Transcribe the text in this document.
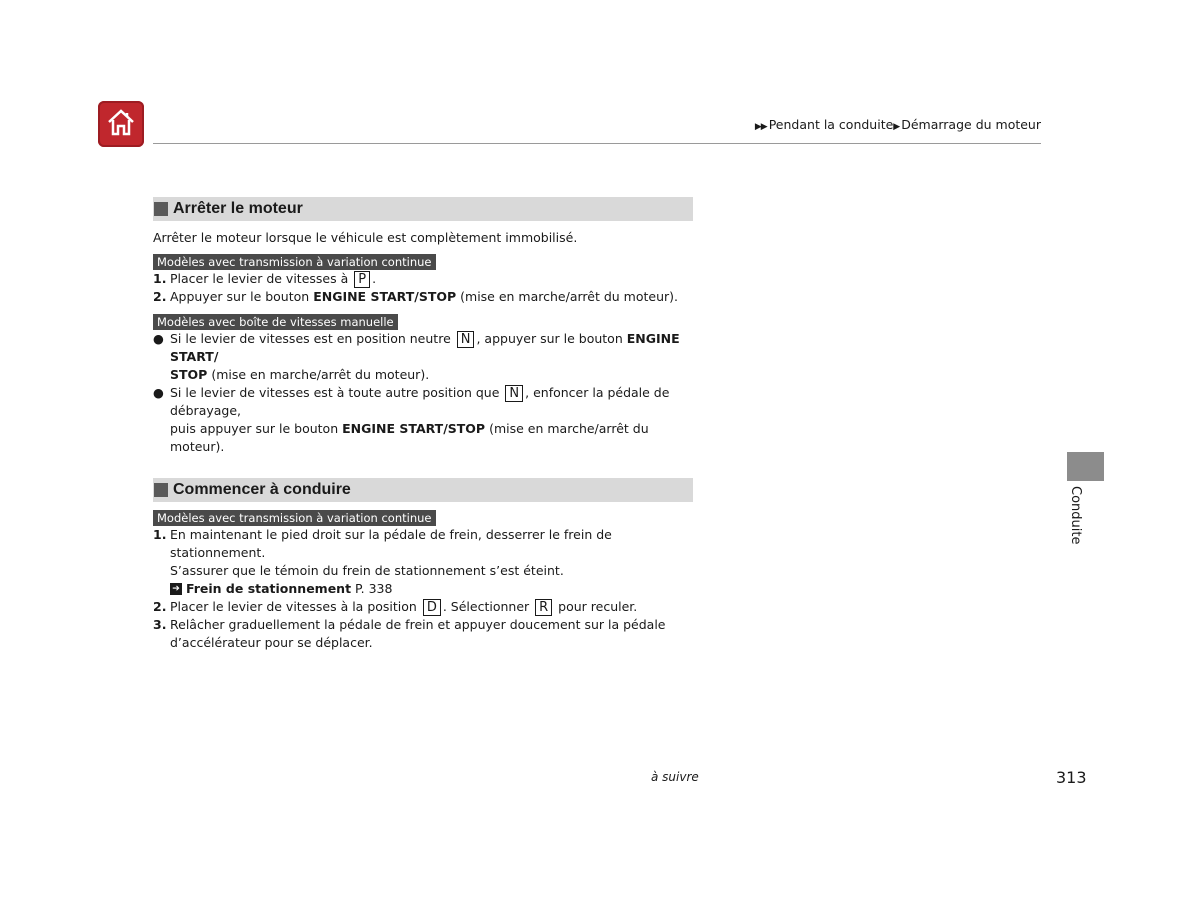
▶▶ Pendant la conduite▶ Démarrage du moteur
Arrêter le moteur

Arrêter le moteur lorsque le véhicule est complètement immobilisé.

Modèles avec transmission à variation continue
1. Placer le levier de vitesses à P .
2. Appuyer sur le bouton ENGINE START/STOP (mise en marche/arrêt du moteur).
Modèles avec boîte de vitesses manuelle
● Si le levier de vitesses est en position neutre N , appuyer sur le bouton ENGINE START/
STOP (mise en marche/arrêt du moteur).
● Si le levier de vitesses est à toute autre position que N , enfoncer la pédale de débrayage,
puis appuyer sur le bouton ENGINE START/STOP (mise en marche/arrêt du moteur).
Commencer à conduire
Modèles avec transmission à variation continue
1. En maintenant le pied droit sur la pédale de frein, desserrer le frein de stationnement.
S’assurer que le témoin du frein de stationnement s’est éteint.
➔ Frein de stationnement
P. 338
2. Placer le levier de vitesses à la position D . Sélectionner R pour reculer.
3. Relâcher graduellement la pédale de frein et appuyer doucement sur la pédale
d’accélérateur pour se déplacer.
Conduite
à suivre	313
